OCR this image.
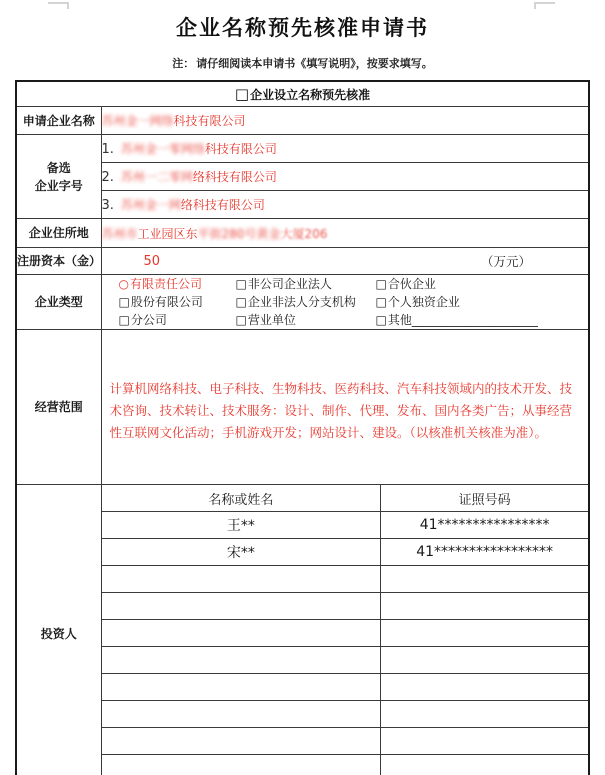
企业名称预先核准申请书
注： 请仔细阅读本申请书《填写说明》，按要求填写。
□企业设立名称预先核准
申请企业名称	苏州金一网络科技有限公司

备选
企业字号
	1. 苏州金一零网络科技有限公司
2. 苏州一二零网络科技有限公司
3. 苏州金一网络科技有限公司
企业住所地	苏州市工业园区东平街280号黄金大厦206
注册资本（金）	50	（万元）

企业类型	
○有限责任公司	□非公司企业法人	□合伙企业
□股份有限公司	□企业非法人分支机构	□个人独资企业
□分公司	□营业单位	□其他_____________________

经营范围	
计算机网络科技、电子科技、生物科技、医药科技、汽车科技领域内的技术开发、技术咨询、技术转让、技术服务：设计、制作、代理、发布、国内各类广告；从事经营性互联网文化活动；手机游戏开发；网站设计、建设。（以核准机关核准为准）。

投资人	
名称或姓名	证照号码
王**	41****************
宋**	41*****************
